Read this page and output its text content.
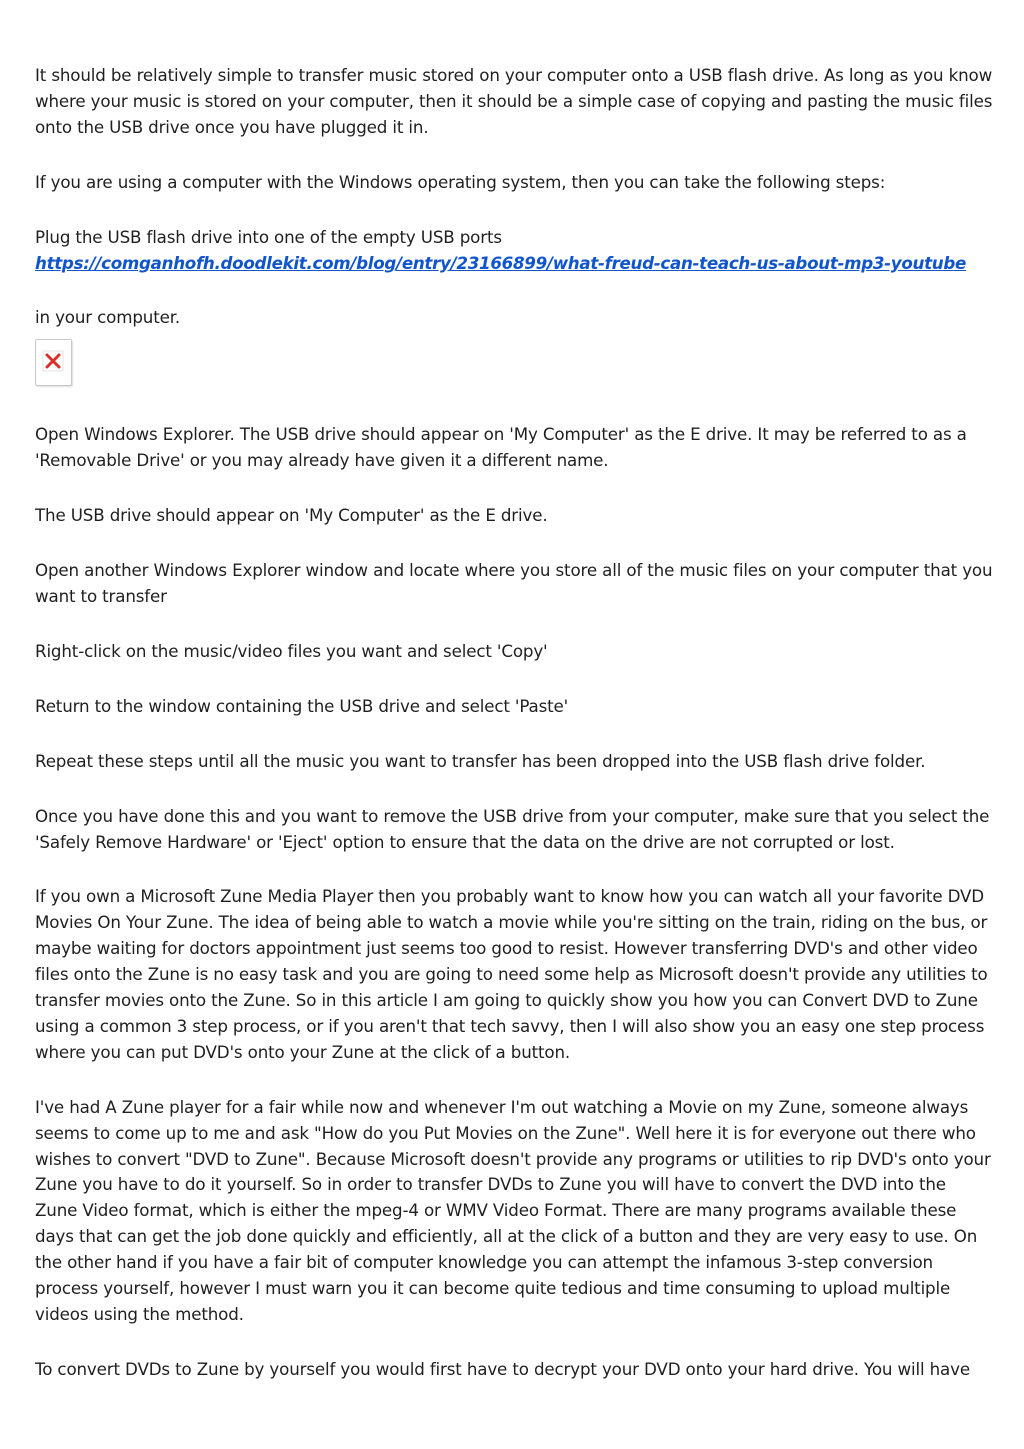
It should be relatively simple to transfer music stored on your computer onto a USB flash drive. As long as you know where your music is stored on your computer, then it should be a simple case of copying and pasting the music files onto the USB drive once you have plugged it in.

If you are using a computer with the Windows operating system, then you can take the following steps:

Plug the USB flash drive into one of the empty USB ports

https://comganhofh.doodlekit.com/blog/entry/23166899/what-freud-can-teach-us-about-mp3-youtube

in your computer.

Open Windows Explorer. The USB drive should appear on 'My Computer' as the E drive. It may be referred to as a 'Removable Drive' or you may already have given it a different name.

The USB drive should appear on 'My Computer' as the E drive.

Open another Windows Explorer window and locate where you store all of the music files on your computer that you want to transfer

Right-click on the music/video files you want and select 'Copy'

Return to the window containing the USB drive and select 'Paste'

Repeat these steps until all the music you want to transfer has been dropped into the USB flash drive folder.

Once you have done this and you want to remove the USB drive from your computer, make sure that you select the 'Safely Remove Hardware' or 'Eject' option to ensure that the data on the drive are not corrupted or lost.

If you own a Microsoft Zune Media Player then you probably want to know how you can watch all your favorite DVD Movies On Your Zune. The idea of being able to watch a movie while you're sitting on the train, riding on the bus, or maybe waiting for doctors appointment just seems too good to resist. However transferring DVD's and other video files onto the Zune is no easy task and you are going to need some help as Microsoft doesn't provide any utilities to transfer movies onto the Zune. So in this article I am going to quickly show you how you can Convert DVD to Zune using a common 3 step process, or if you aren't that tech savvy, then I will also show you an easy one step process where you can put DVD's onto your Zune at the click of a button.

I've had A Zune player for a fair while now and whenever I'm out watching a Movie on my Zune, someone always seems to come up to me and ask "How do you Put Movies on the Zune". Well here it is for everyone out there who wishes to convert "DVD to Zune". Because Microsoft doesn't provide any programs or utilities to rip DVD's onto your Zune you have to do it yourself. So in order to transfer DVDs to Zune you will have to convert the DVD into the Zune Video format, which is either the mpeg-4 or WMV Video Format. There are many programs available these days that can get the job done quickly and efficiently, all at the click of a button and they are very easy to use. On the other hand if you have a fair bit of computer knowledge you can attempt the infamous 3-step conversion process yourself, however I must warn you it can become quite tedious and time consuming to upload multiple videos using the method.

To convert DVDs to Zune by yourself you would first have to decrypt your DVD onto your hard drive. You will have
